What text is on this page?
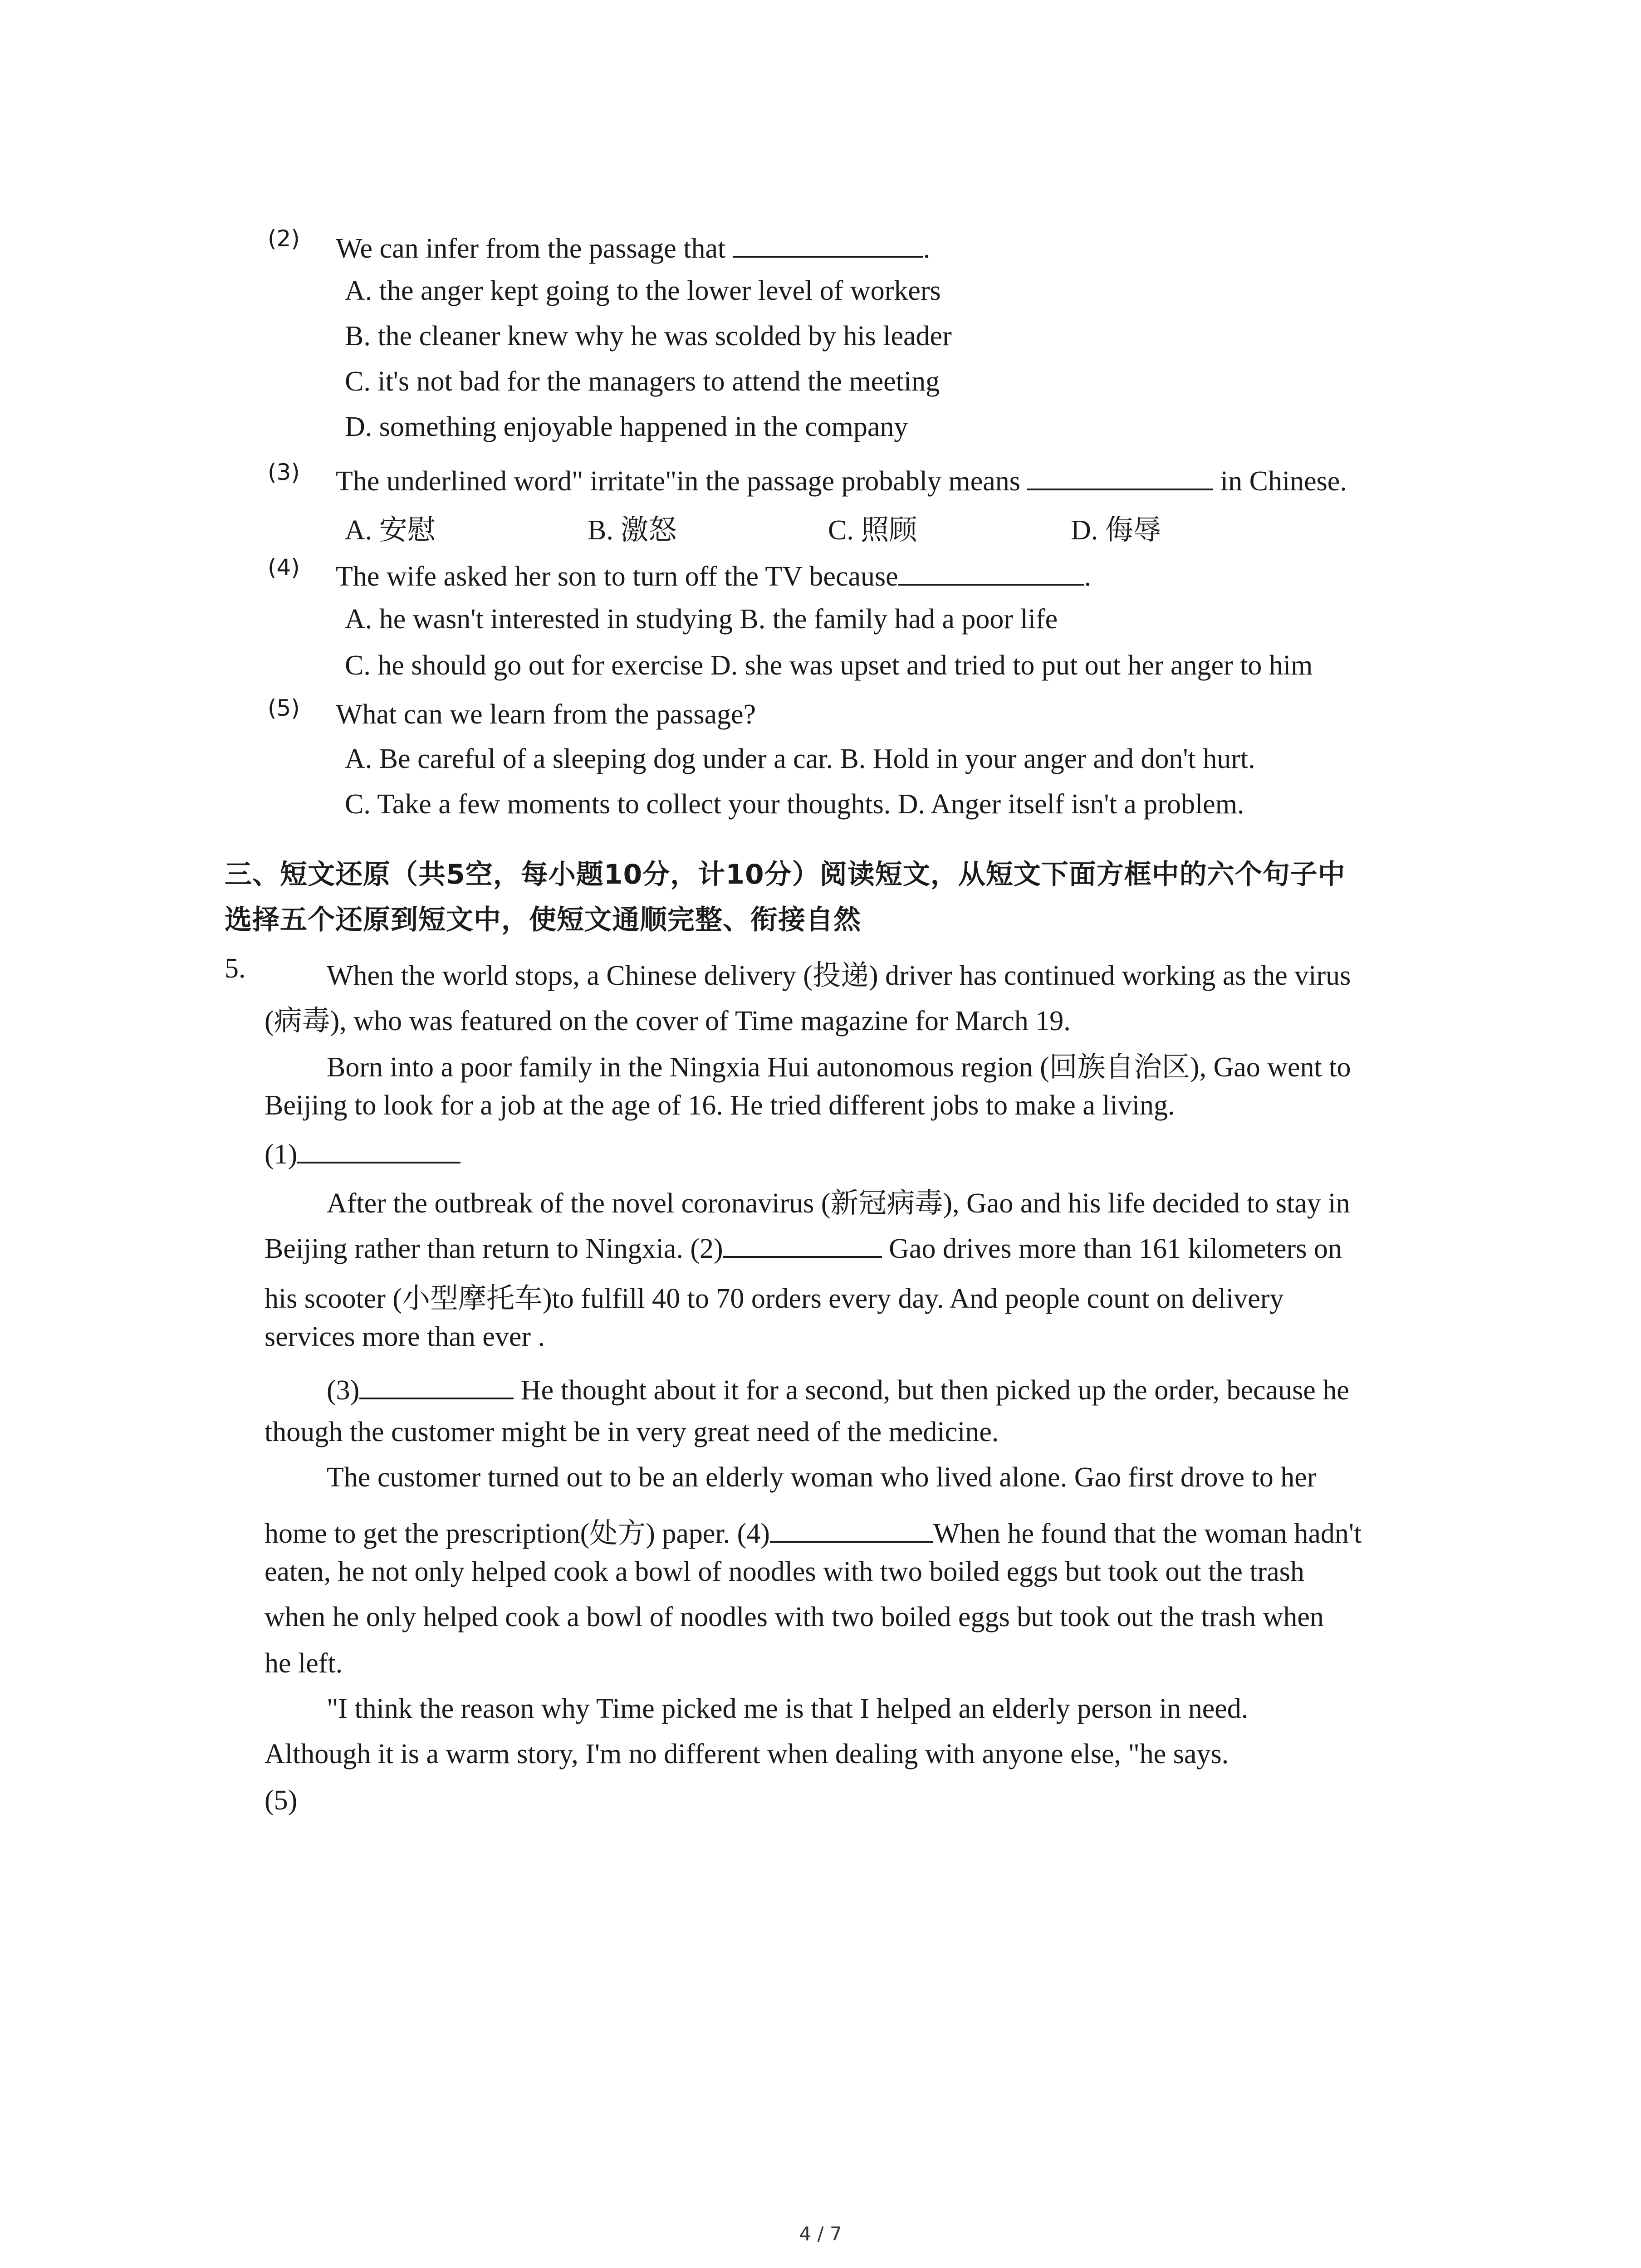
(2) We can infer from the passage that	.
A. the anger kept going to the lower level of workers
B. the cleaner knew why he was scolded by his leader
C. it's not bad for the managers to attend the meeting
D. something enjoyable happened in the company
(3) The underlined word" irritate"in the passage probably means	in Chinese.
A. 安慰	B. 激怒	C. 照顾	D. 侮辱
(4) The wife asked her son to turn off the TV because	.
A. he wasn't interested in studying B. the family had a poor life
C. he should go out for exercise D. she was upset and tried to put out her anger to him
(5) What can we learn from the passage?
A. Be careful of a sleeping dog under a car. B. Hold in your anger and don't hurt.
C. Take a few moments to collect your thoughts. D. Anger itself isn't a problem.
三、短文还原（共5空，每小题10分，计10分）阅读短文，从短文下面方框中的六个句子中
选择五个还原到短文中，使短文通顺完整、衔接自然
5.	When the world stops, a Chinese delivery (投递) driver has continued working as the virus
(病毒), who was featured on the cover of Time magazine for March 19.
Born into a poor family in the Ningxia Hui autonomous region (回族自治区), Gao went to
Beijing to look for a job at the age of 16. He tried different jobs to make a living.
(1)
After the outbreak of the novel coronavirus (新冠病毒), Gao and his life decided to stay in
Beijing rather than return to Ningxia. (2)	Gao drives more than 161 kilometers on
his scooter (小型摩托车)to fulfill 40 to 70 orders every day. And people count on delivery
services more than ever .
(3)	He thought about it for a second, but then picked up the order, because he
though the customer might be in very great need of the medicine.
The customer turned out to be an elderly woman who lived alone. Gao first drove to her
home to get the prescription(处方) paper. (4)	When he found that the woman hadn't
eaten, he not only helped cook a bowl of noodles with two boiled eggs but took out the trash
when he only helped cook a bowl of noodles with two boiled eggs but took out the trash when
he left.
"I think the reason why Time picked me is that I helped an elderly person in need.
Although it is a warm story, I'm no different when dealing with anyone else, "he says.
(5)
4 / 7
